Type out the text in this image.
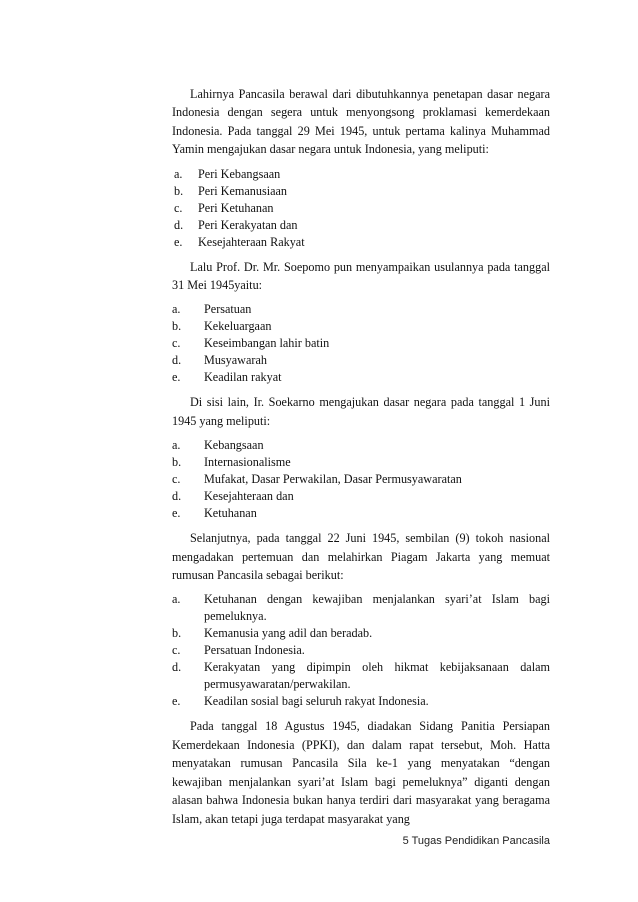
Lahirnya Pancasila berawal dari dibutuhkannya penetapan dasar negara Indonesia dengan segera untuk menyongsong proklamasi kemerdekaan Indonesia. Pada tanggal 29 Mei 1945, untuk pertama kalinya Muhammad Yamin mengajukan dasar negara untuk Indonesia, yang meliputi:

a.	Peri Kebangsaan
b.	Peri Kemanusiaan
c.	Peri Ketuhanan
d.	Peri Kerakyatan dan
e.	Kesejahteraan Rakyat

Lalu Prof. Dr. Mr. Soepomo pun menyampaikan usulannya pada tanggal 31 Mei 1945yaitu:

a.	Persatuan
b.	Kekeluargaan
c.	Keseimbangan lahir batin
d.	Musyawarah
e.	Keadilan rakyat

Di sisi lain, Ir. Soekarno mengajukan dasar negara pada tanggal 1 Juni 1945 yang meliputi:

a.	Kebangsaan
b.	Internasionalisme
c.	Mufakat, Dasar Perwakilan, Dasar Permusyawaratan
d.	Kesejahteraan dan
e.	Ketuhanan

Selanjutnya, pada tanggal 22 Juni 1945, sembilan (9) tokoh nasional mengadakan pertemuan dan melahirkan Piagam Jakarta yang memuat rumusan Pancasila sebagai berikut:

a.	Ketuhanan dengan kewajiban menjalankan syari’at Islam bagi pemeluknya.
b.	Kemanusia yang adil dan beradab.
c.	Persatuan Indonesia.
d.	Kerakyatan yang dipimpin oleh hikmat kebijaksanaan dalam permusyawaratan/perwakilan.
e.	Keadilan sosial bagi seluruh rakyat Indonesia.

Pada tanggal 18 Agustus 1945, diadakan Sidang Panitia Persiapan Kemerdekaan Indonesia (PPKI), dan dalam rapat tersebut, Moh. Hatta menyatakan rumusan Pancasila Sila ke-1 yang menyatakan “dengan kewajiban menjalankan syari’at Islam bagi pemeluknya” diganti dengan alasan bahwa Indonesia bukan hanya terdiri dari masyarakat yang beragama Islam, akan tetapi juga terdapat masyarakat yang

5 Tugas Pendidikan Pancasila
